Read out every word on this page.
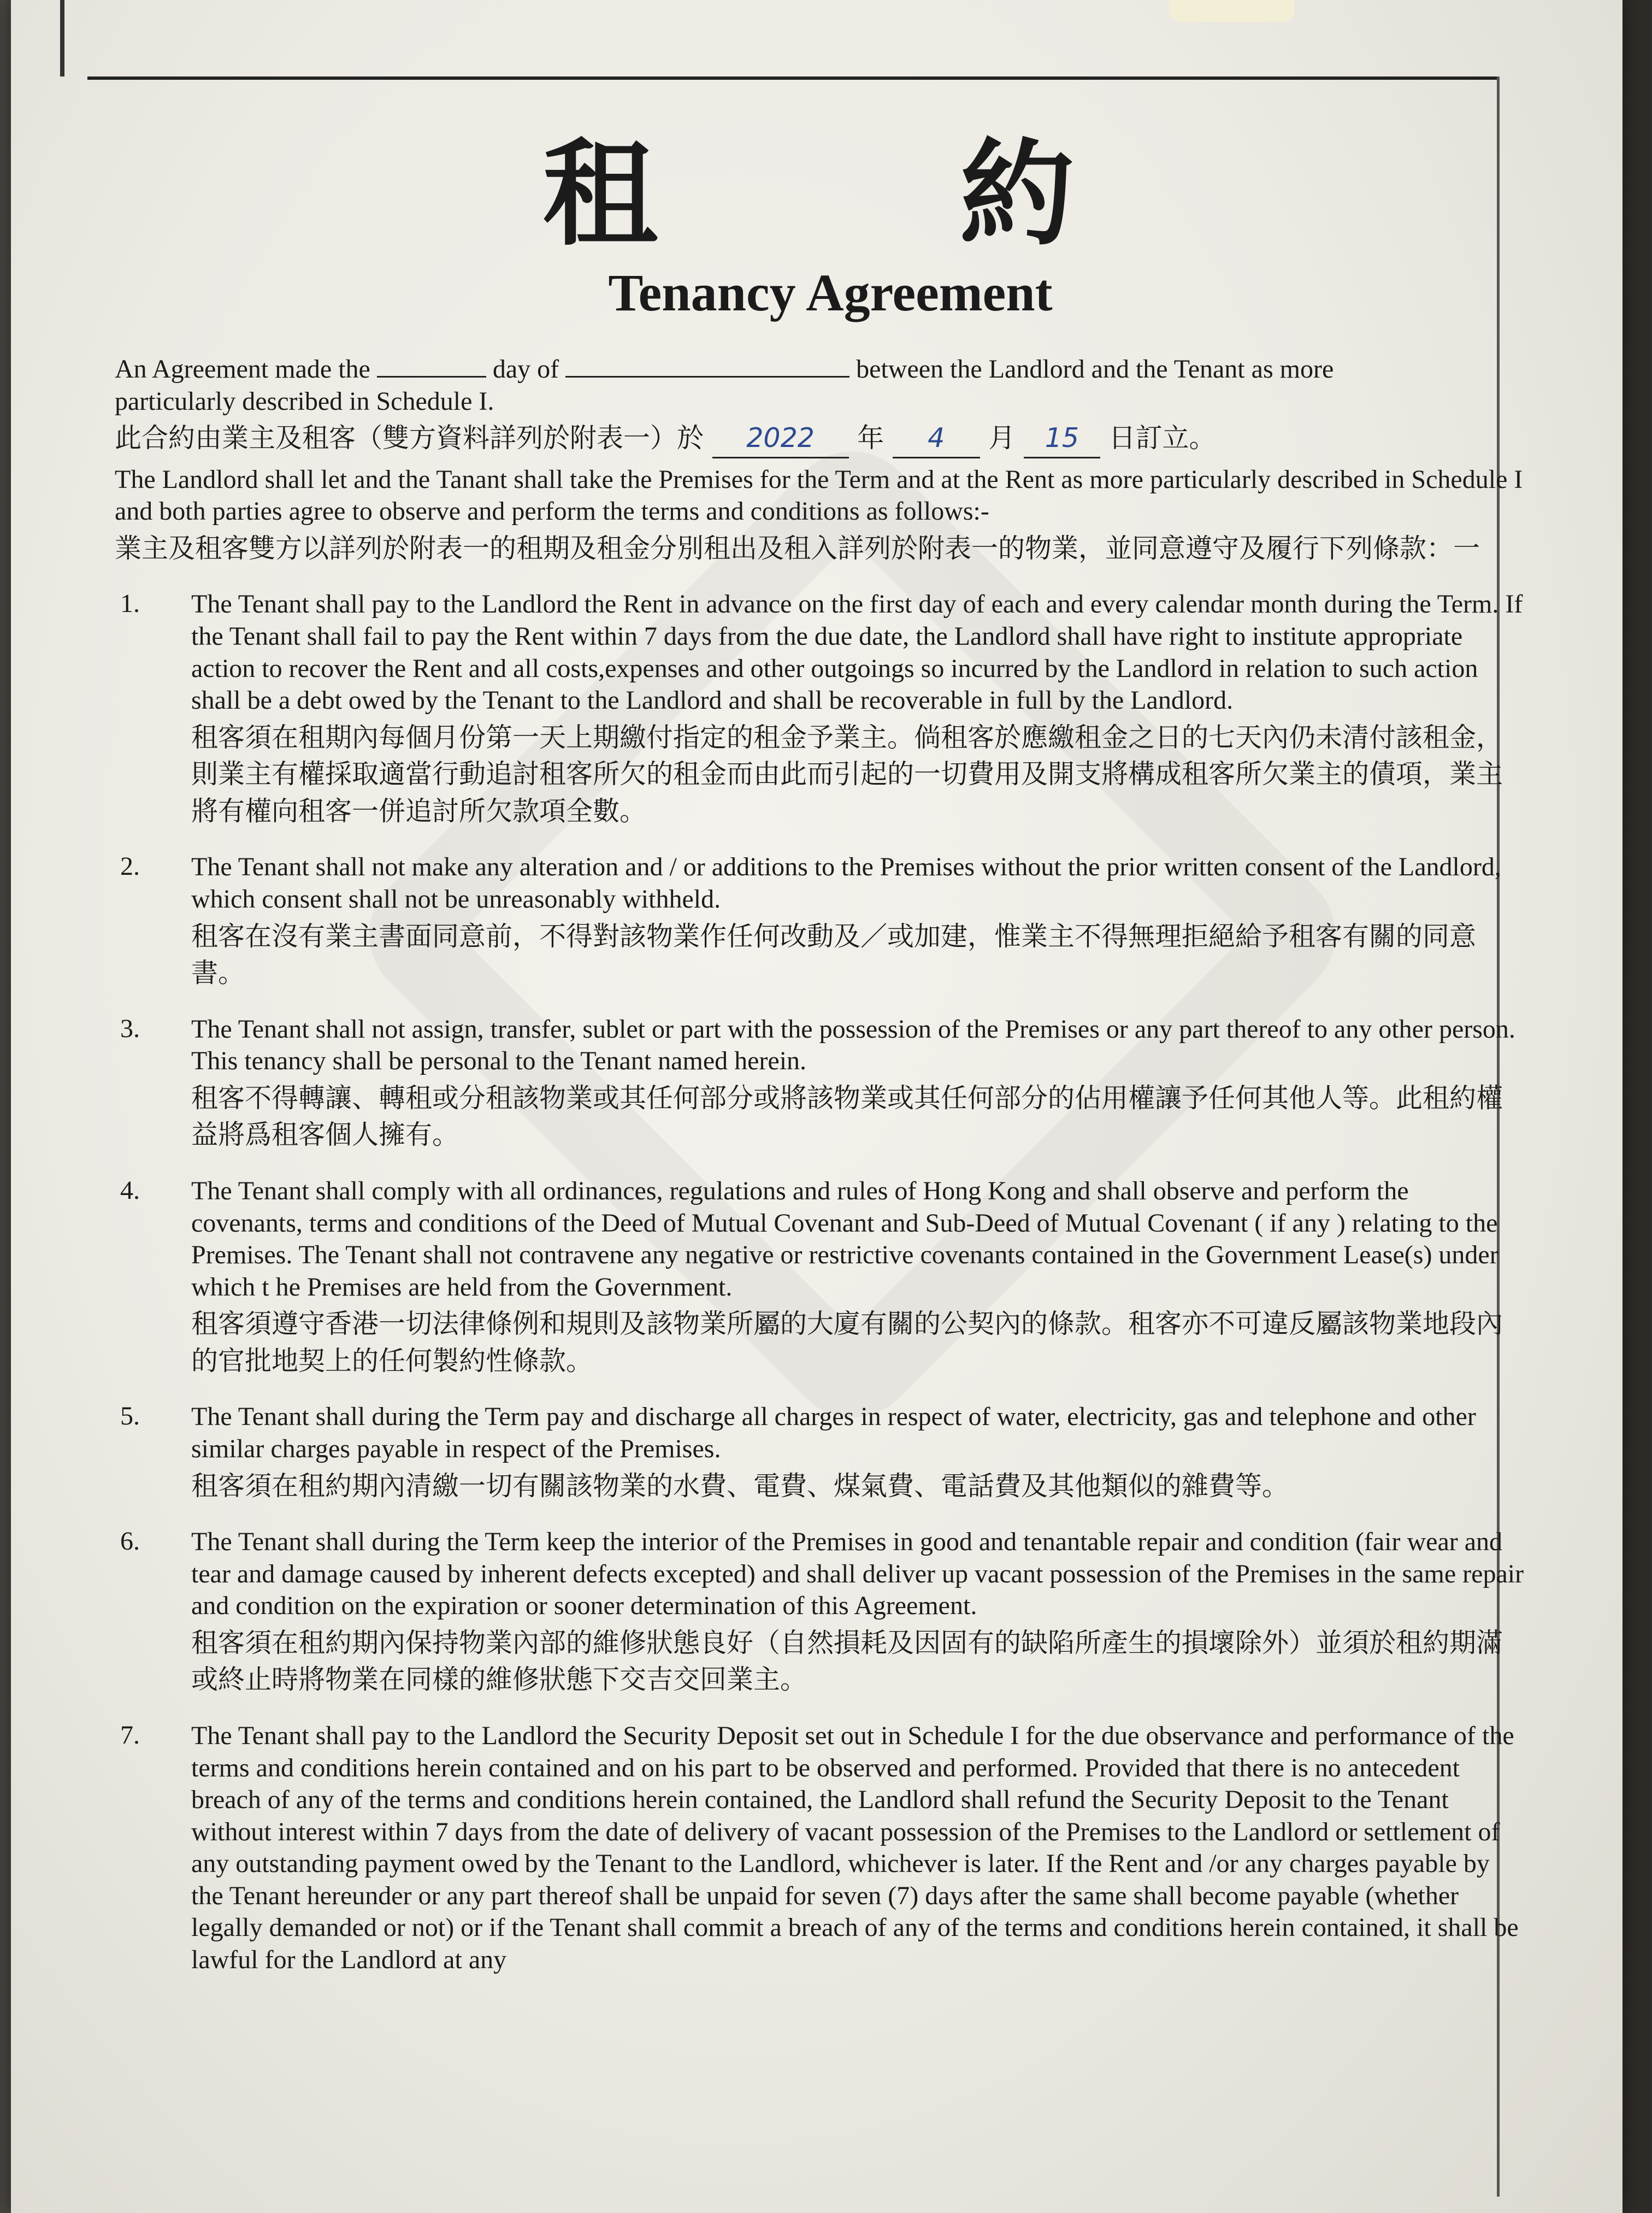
租 約
Tenancy Agreement

An Agreement made the	day of	between the Landlord and the Tenant as more

particularly described in Schedule I.

此合約由業主及租客（雙方資料詳列於附表一）於 2022 年 4 月 15 日訂立。

The Landlord shall let and the Tanant shall take the Premises for the Term and at the Rent as more particularly described in Schedule I and both parties agree to observe and perform the terms and conditions as follows:-

業主及租客雙方以詳列於附表一的租期及租金分別租出及租入詳列於附表一的物業，並同意遵守及履行下列條款：一

1.	The Tenant shall pay to the Landlord the Rent in advance on the first day of each and every calendar month during the Term. If the Tenant shall fail to pay the Rent within 7 days from the due date, the Landlord shall have right to institute appropriate action to recover the Rent and all costs,expenses and other outgoings so incurred by the Landlord in relation to such action shall be a debt owed by the Tenant to the Landlord and shall be recoverable in full by the Landlord.

租客須在租期內每個月份第一天上期繳付指定的租金予業主。倘租客於應繳租金之日的七天內仍未清付該租金，則業主有權採取適當行動追討租客所欠的租金而由此而引起的一切費用及開支將構成租客所欠業主的債項，業主將有權向租客一併追討所欠款項全數。

2.	The Tenant shall not make any alteration and / or additions to the Premises without the prior written consent of the Landlord, which consent shall not be unreasonably withheld.

租客在沒有業主書面同意前，不得對該物業作任何改動及／或加建，惟業主不得無理拒絕給予租客有關的同意書。

3.	The Tenant shall not assign, transfer, sublet or part with the possession of the Premises or any part thereof to any other person. This tenancy shall be personal to the Tenant named herein.

租客不得轉讓、轉租或分租該物業或其任何部分或將該物業或其任何部分的佔用權讓予任何其他人等。此租約權益將爲租客個人擁有。

4.	The Tenant shall comply with all ordinances, regulations and rules of Hong Kong and shall observe and perform the covenants, terms and conditions of the Deed of Mutual Covenant and Sub-Deed of Mutual Covenant ( if any ) relating to the Premises. The Tenant shall not contravene any negative or restrictive covenants contained in the Government Lease(s) under which t he Premises are held from the Government.

租客須遵守香港一切法律條例和規則及該物業所屬的大廈有關的公契內的條款。租客亦不可違反屬該物業地段內的官批地契上的任何製約性條款。

5.	The Tenant shall during the Term pay and discharge all charges in respect of water, electricity, gas and telephone and other similar charges payable in respect of the Premises.

租客須在租約期內清繳一切有關該物業的水費、電費、煤氣費、電話費及其他類似的雜費等。

6.	The Tenant shall during the Term keep the interior of the Premises in good and tenantable repair and condition (fair wear and tear and damage caused by inherent defects excepted) and shall deliver up vacant possession of the Premises in the same repair and condition on the expiration or sooner determination of this Agreement.

租客須在租約期內保持物業內部的維修狀態良好（自然損耗及因固有的缺陷所產生的損壞除外）並須於租約期滿或終止時將物業在同樣的維修狀態下交吉交回業主。

7.	The Tenant shall pay to the Landlord the Security Deposit set out in Schedule I for the due observance and performance of the terms and conditions herein contained and on his part to be observed and performed. Provided that there is no antecedent breach of any of the terms and conditions herein contained, the Landlord shall refund the Security Deposit to the Tenant without interest within 7 days from the date of delivery of vacant possession of the Premises to the Landlord or settlement of any outstanding payment owed by the Tenant to the Landlord, whichever is later. If the Rent and /or any charges payable by the Tenant hereunder or any part thereof shall be unpaid for seven (7) days after the same shall become payable (whether legally demanded or not) or if the Tenant shall commit a breach of any of the terms and conditions herein contained, it shall be lawful for the Landlord at any
